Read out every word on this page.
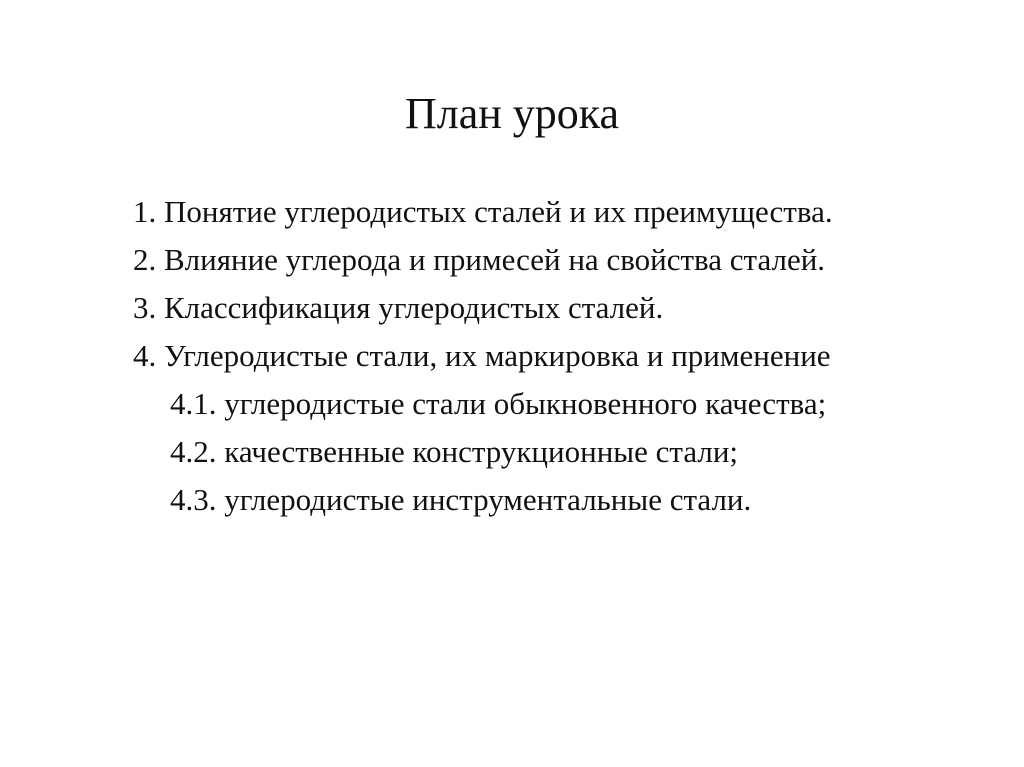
План урока
1. Понятие углеродистых сталей и их преимущества.
2. Влияние углерода и примесей на свойства сталей.
3. Классификация углеродистых сталей.
4. Углеродистые стали, их маркировка и применение
4.1. углеродистые стали обыкновенного качества;
4.2. качественные конструкционные стали;
4.3. углеродистые инструментальные стали.
